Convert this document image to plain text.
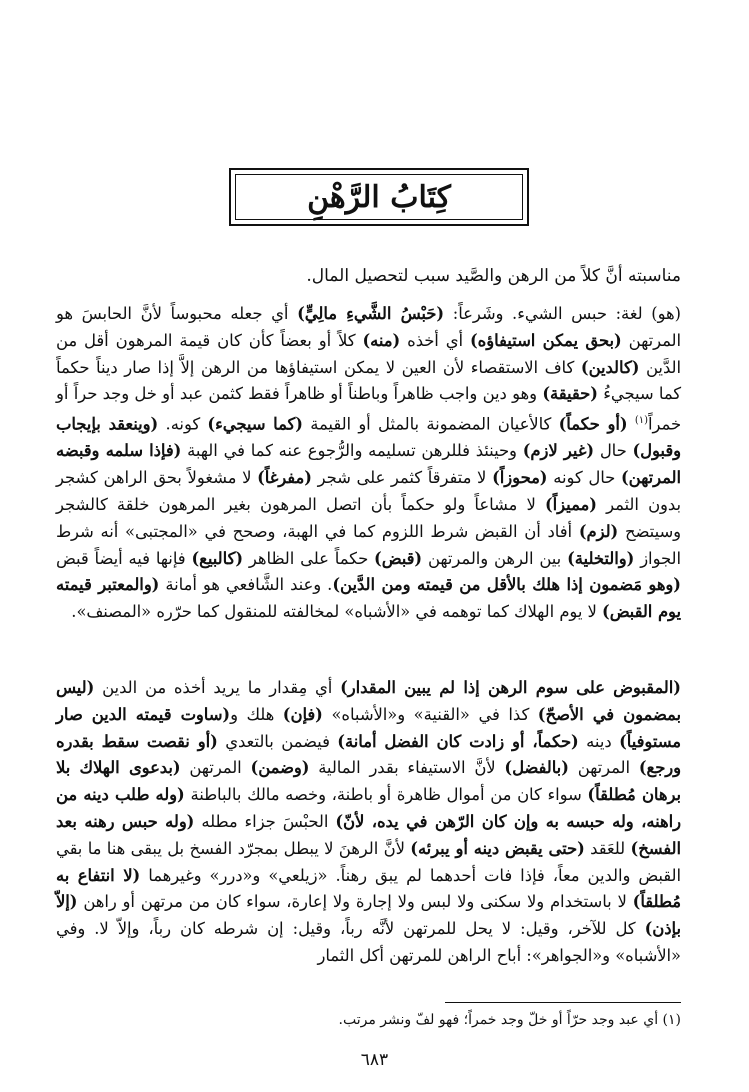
كِتَابُ الرَّهْنِ
مناسبته أنَّ كلاً من الرهن والصَّيد سبب لتحصيل المال.
(هو) لغة: حبس الشيء. وشَرعاً: (حَبْسُ الشَّيءِ مالِيٍّ) أي جعله محبوساً لأنَّ الحابسَ هو المرتهن (بحق يمكن استيفاؤه) أي أخذه (منه) كلاً أو بعضاً كأن كان قيمة المرهون أقل من الدَّين (كالدين) كاف الاستقصاء لأن العين لا يمكن استيفاؤها من الرهن إلاَّ إذا صار ديناً حكماً كما سيجيءُ (حقيقة) وهو دين واجب ظاهراً وباطناً أو ظاهراً فقط كثمن عبد أو خل وجد حراً أو خمراً$^{(١)}$ (أو حكماً) كالأعيان المضمونة بالمثل أو القيمة (كما سيجيء) كونه. (وينعقد بإيجاب وقبول) حال (غير لازم) وحينئذ فللرهن تسليمه والرُّجوع عنه كما في الهبة (فإذا سلمه وقبضه المرتهن) حال كونه (محوزاً) لا متفرقاً كثمر على شجر (مفرغاً) لا مشغولاً بحق الراهن كشجر بدون الثمر (مميزاً) لا مشاعاً ولو حكماً بأن اتصل المرهون بغير المرهون خلقة كالشجر وسيتضح (لزم) أفاد أن القبض شرط اللزوم كما في الهبة، وصحح في «المجتبى» أنه شرط الجواز (والتخلية) بين الرهن والمرتهن (قبض) حكماً على الظاهر (كالبيع) فإنها فيه أيضاً قبض (وهو مَضمون إذا هلك بالأقل من قيمته ومن الدَّين). وعند الشَّافعي هو أمانة (والمعتبر قيمته يوم القبض) لا يوم الهلاك كما توهمه في «الأشباه» لمخالفته للمنقول كما حرّره «المصنف».
(المقبوض على سوم الرهن إذا لم يبين المقدار) أي مِقدار ما يريد أخذه من الدين (ليس بمضمون في الأصحّ) كذا في «القنية» و«الأشباه» (فإن) هلك و(ساوت قيمته الدين صار مستوفياً) دينه (حكماً، أو زادت كان الفضل أمانة) فيضمن بالتعدي (أو نقصت سقط بقدره ورجع) المرتهن (بالفضل) لأنَّ الاستيفاء بقدر المالية (وضمن) المرتهن (بدعوى الهلاك بلا برهان مُطلقاً) سواء كان من أموال ظاهرة أو باطنة، وخصه مالك بالباطنة (وله طلب دينه من راهنه، وله حبسه به وإن كان الرّهن في يده، لأنّ) الحبْسَ جزاء مطله (وله حبس رهنه بعد الفسخ) للعَقد (حتى يقبض دينه أو يبرئه) لأنَّ الرهنَ لا يبطل بمجرّد الفسخ بل يبقى هنا ما بقي القبض والدين معاً، فإذا فات أحدهما لم يبق رهناً. «زيلعي» و«درر» وغيرهما (لا انتفاع به مُطلقاً) لا باستخدام ولا سكنى ولا لبس ولا إجارة ولا إعارة، سواء كان من مرتهن أو راهن (إلاّ بإذن) كل للآخر، وقيل: لا يحل للمرتهن لأنَّه رباً، وقيل: إن شرطه كان رباً، وإلاّ لا. وفي «الأشباه» و«الجواهر»: أباح الراهن للمرتهن أكل الثمار
(١) أي عبد وجد حرّاً أو خلّ وجد خمراً؛ فهو لفّ ونشر مرتب.
٦٨٣
